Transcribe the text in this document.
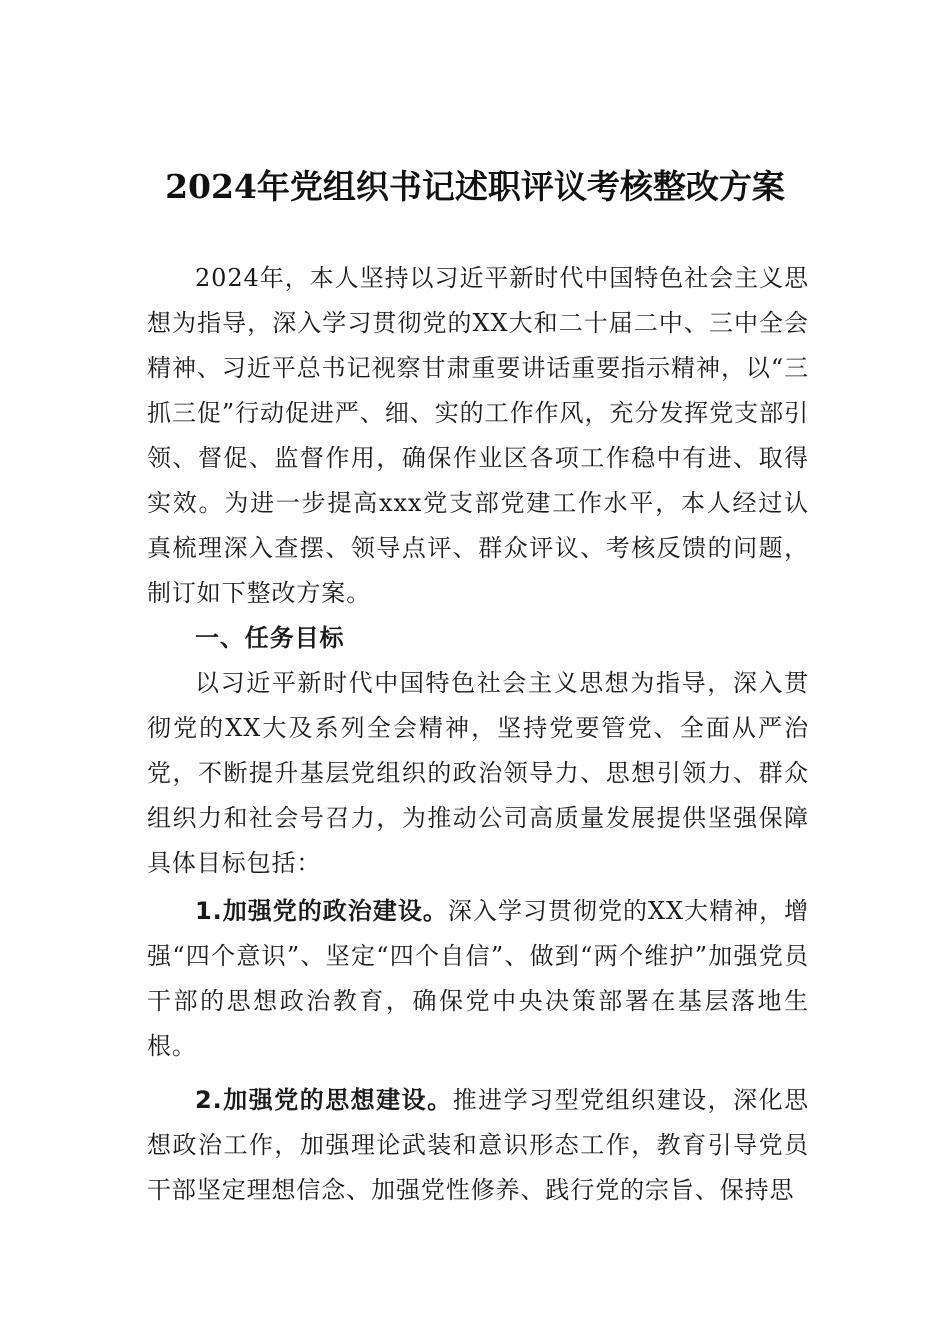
2024年党组织书记述职评议考核整改方案

2024年，本人坚持以习近平新时代中国特色社会主义思想为指导，深入学习贯彻党的XX大和二十届二中、三中全会精神、习近平总书记视察甘肃重要讲话重要指示精神，以“三抓三促”行动促进严、细、实的工作作风，充分发挥党支部引领、督促、监督作用，确保作业区各项工作稳中有进、取得实效。为进一步提高xxx党支部党建工作水平，本人经过认真梳理深入查摆、领导点评、群众评议、考核反馈的问题，制订如下整改方案。

一、任务目标

以习近平新时代中国特色社会主义思想为指导，深入贯彻党的XX大及系列全会精神，坚持党要管党、全面从严治党，不断提升基层党组织的政治领导力、思想引领力、群众组织力和社会号召力，为推动公司高质量发展提供坚强保障具体目标包括：

1.加强党的政治建设。深入学习贯彻党的XX大精神，增强“四个意识”、坚定“四个自信”、做到“两个维护”加强党员干部的思想政治教育，确保党中央决策部署在基层落地生根。

2.加强党的思想建设。推进学习型党组织建设，深化思想政治工作，加强理论武装和意识形态工作，教育引导党员干部坚定理想信念、加强党性修养、践行党的宗旨、保持思
